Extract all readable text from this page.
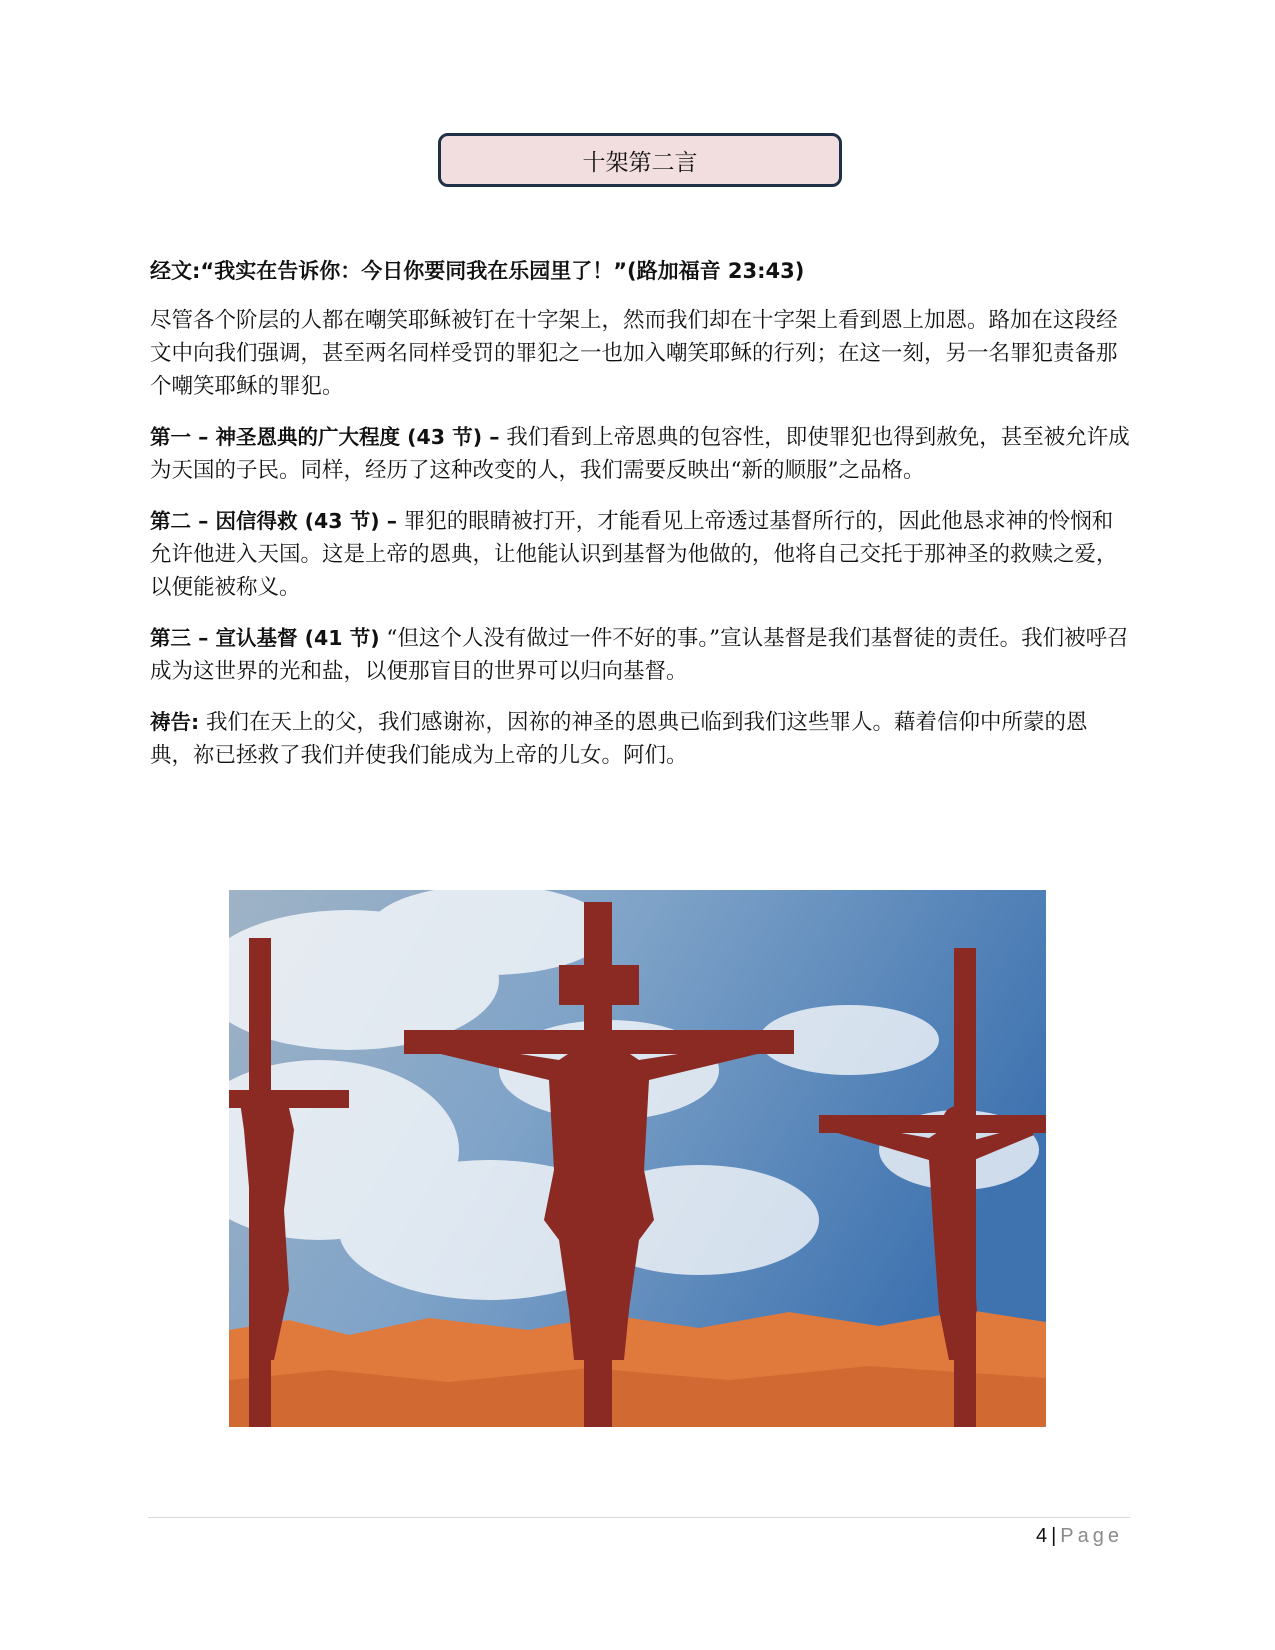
十架第二言

经文:“我实在告诉你：今日你要同我在乐园里了！”(路加福音 23:43)

尽管各个阶层的人都在嘲笑耶稣被钉在十字架上，然而我们却在十字架上看到恩上加恩。路加在这段经文中向我们强调，甚至两名同样受罚的罪犯之一也加入嘲笑耶稣的行列；在这一刻，另一名罪犯责备那个嘲笑耶稣的罪犯。

第一 – 神圣恩典的广大程度 (43 节) – 我们看到上帝恩典的包容性，即使罪犯也得到赦免，甚至被允许成为天国的子民。同样，经历了这种改变的人，我们需要反映出“新的顺服”之品格。

第二 – 因信得救 (43 节) – 罪犯的眼睛被打开，才能看见上帝透过基督所行的，因此他恳求神的怜悯和允许他进入天国。这是上帝的恩典，让他能认识到基督为他做的，他将自己交托于那神圣的救赎之爱，以便能被称义。

第三 – 宣认基督 (41 节) “但这个人没有做过一件不好的事。”宣认基督是我们基督徒的责任。我们被呼召成为这世界的光和盐，以便那盲目的世界可以归向基督。

祷告: 我们在天上的父，我们感谢祢，因祢的神圣的恩典已临到我们这些罪人。藉着信仰中所蒙的恩典，祢已拯救了我们并使我们能成为上帝的儿女。阿们。

4 | Page
